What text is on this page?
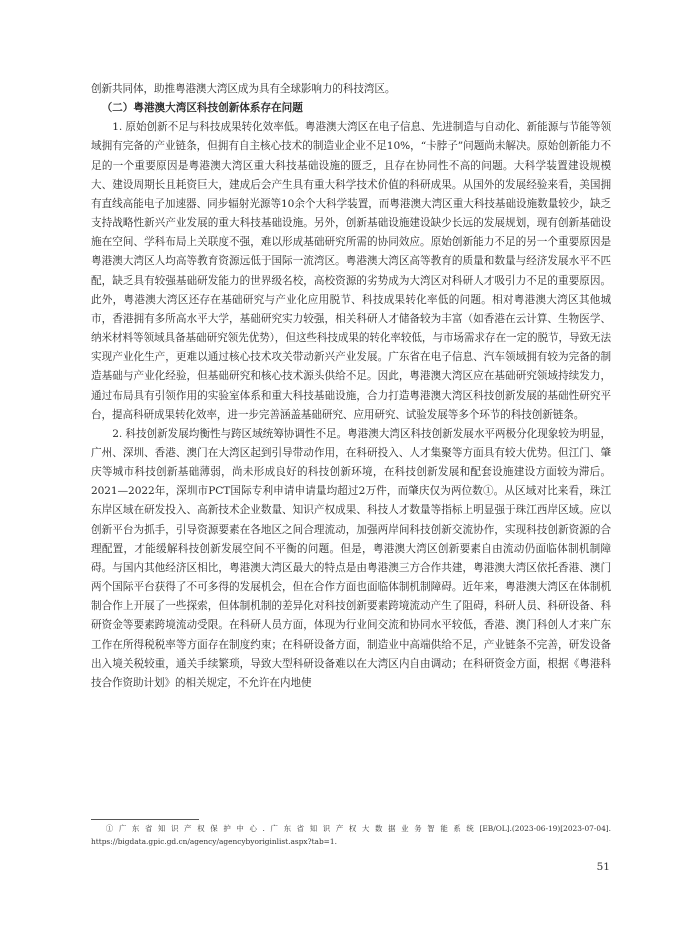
创新共同体，助推粤港澳大湾区成为具有全球影响力的科技湾区。

（二）粤港澳大湾区科技创新体系存在问题

1. 原始创新不足与科技成果转化效率低。粤港澳大湾区在电子信息、先进制造与自动化、新能源与节能等领域拥有完备的产业链条，但拥有自主核心技术的制造业企业不足10%，“卡脖子”问题尚未解决。原始创新能力不足的一个重要原因是粤港澳大湾区重大科技基础设施的匮乏，且存在协同性不高的问题。大科学装置建设规模大、建设周期长且耗资巨大，建成后会产生具有重大科学技术价值的科研成果。从国外的发展经验来看，美国拥有直线高能电子加速器、同步辐射光源等10余个大科学装置，而粤港澳大湾区重大科技基础设施数量较少，缺乏支持战略性新兴产业发展的重大科技基础设施。另外，创新基础设施建设缺少长远的发展规划，现有创新基础设施在空间、学科布局上关联度不强，难以形成基础研究所需的协同效应。原始创新能力不足的另一个重要原因是粤港澳大湾区人均高等教育资源远低于国际一流湾区。粤港澳大湾区高等教育的质量和数量与经济发展水平不匹配，缺乏具有较强基础研发能力的世界级名校，高校资源的劣势成为大湾区对科研人才吸引力不足的重要原因。此外，粤港澳大湾区还存在基础研究与产业化应用脱节、科技成果转化率低的问题。相对粤港澳大湾区其他城市，香港拥有多所高水平大学，基础研究实力较强，相关科研人才储备较为丰富（如香港在云计算、生物医学、纳米材料等领域具备基础研究领先优势），但这些科技成果的转化率较低，与市场需求存在一定的脱节，导致无法实现产业化生产，更难以通过核心技术攻关带动新兴产业发展。广东省在电子信息、汽车领域拥有较为完备的制造基础与产业化经验，但基础研究和核心技术源头供给不足。因此，粤港澳大湾区应在基础研究领域持续发力，通过布局具有引领作用的实验室体系和重大科技基础设施，合力打造粤港澳大湾区科技创新发展的基础性研究平台，提高科研成果转化效率，进一步完善涵盖基础研究、应用研究、试验发展等多个环节的科技创新链条。

2. 科技创新发展均衡性与跨区域统筹协调性不足。粤港澳大湾区科技创新发展水平两极分化现象较为明显，广州、深圳、香港、澳门在大湾区起到引导带动作用，在科研投入、人才集聚等方面具有较大优势。但江门、肇庆等城市科技创新基础薄弱，尚未形成良好的科技创新环境，在科技创新发展和配套设施建设方面较为滞后。2021—2022年，深圳市PCT国际专利申请申请量均超过2万件，而肇庆仅为两位数①。从区域对比来看，珠江东岸区域在研发投入、高新技术企业数量、知识产权成果、科技人才数量等指标上明显强于珠江西岸区域。应以创新平台为抓手，引导资源要素在各地区之间合理流动，加强两岸间科技创新交流协作，实现科技创新资源的合理配置，才能缓解科技创新发展空间不平衡的问题。但是，粤港澳大湾区创新要素自由流动仍面临体制机制障碍。与国内其他经济区相比，粤港澳大湾区最大的特点是由粤港澳三方合作共建，粤港澳大湾区依托香港、澳门两个国际平台获得了不可多得的发展机会，但在合作方面也面临体制机制障碍。近年来，粤港澳大湾区在体制机制合作上开展了一些探索，但体制机制的差异化对科技创新要素跨境流动产生了阻碍，科研人员、科研设备、科研资金等要素跨境流动受限。在科研人员方面，体现为行业间交流和协同水平较低，香港、澳门科创人才来广东工作在所得税税率等方面存在制度约束；在科研设备方面，制造业中高端供给不足，产业链条不完善，研发设备出入境关税较重，通关手续繁琐，导致大型科研设备难以在大湾区内自由调动；在科研资金方面，根据《粤港科技合作资助计划》的相关规定，不允许在内地使

①广东省知识产权保护中心.广东省知识产权大数据业务智能系统[EB/OL].(2023-06-19)[2023-07-04]. https://bigdata.gpic.gd.cn/agency/agencybyoriginlist.aspx?tab=1.

51
